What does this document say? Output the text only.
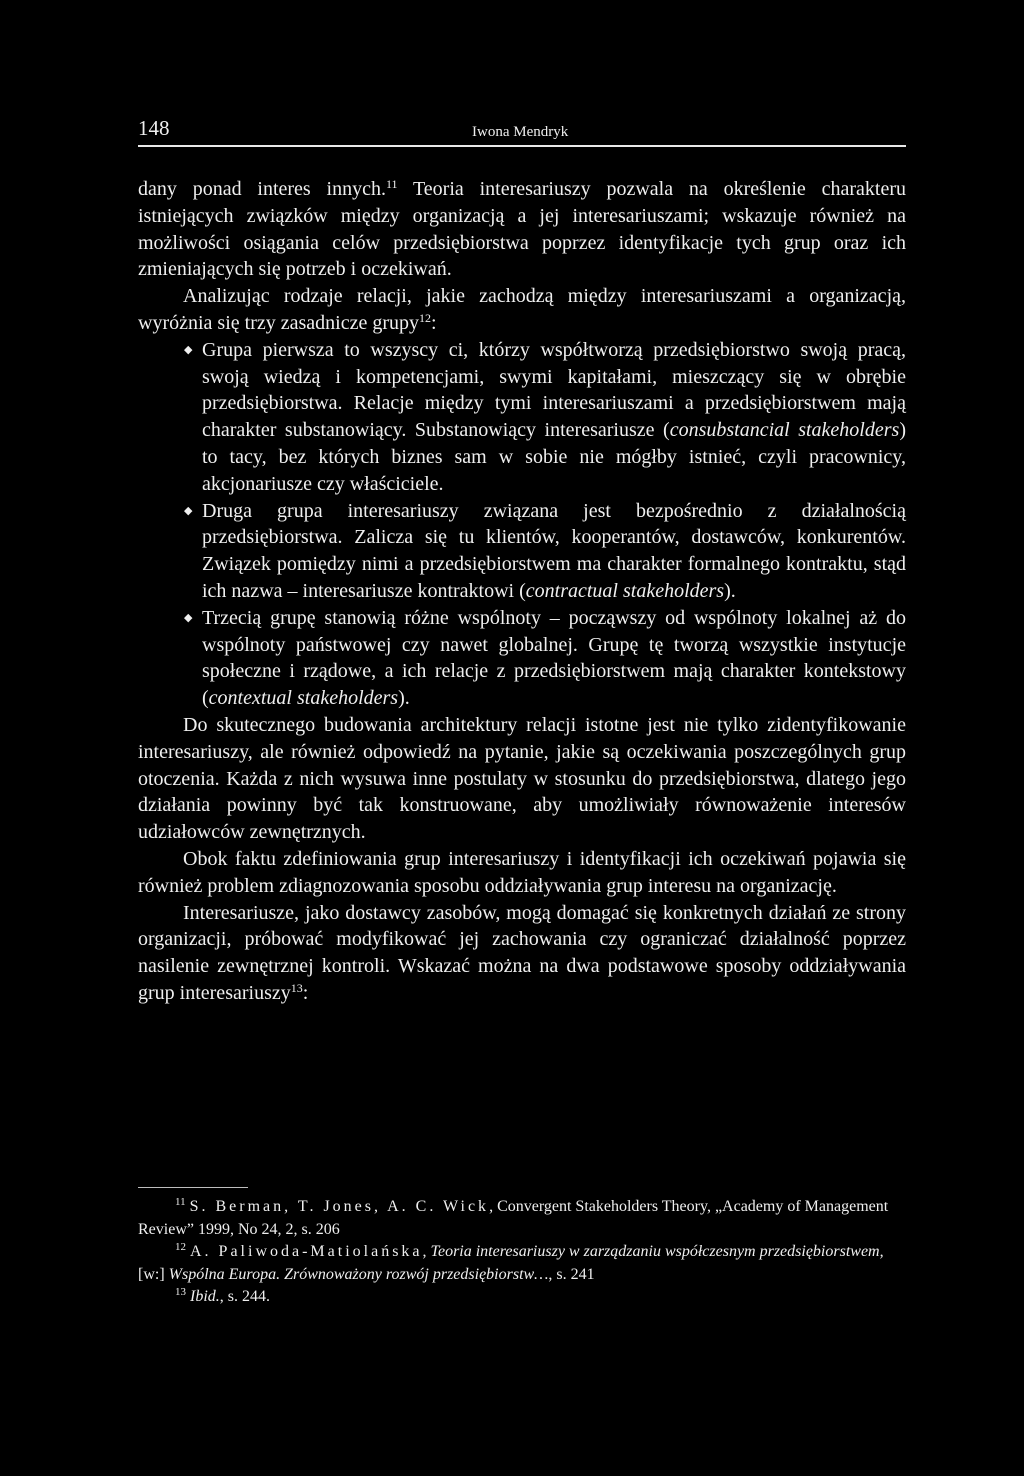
148	Iwona Mendryk

dany ponad interes innych.$^{11}$ Teoria interesariuszy pozwala na określenie charakteru istniejących związków między organizacją a jej interesariuszami; wskazuje również na możliwości osiągania celów przedsiębiorstwa poprzez identyfikacje tych grup oraz ich zmieniających się potrzeb i oczekiwań.

Analizując rodzaje relacji, jakie zachodzą między interesariuszami a organizacją, wyróżnia się trzy zasadnicze grupy$^{12}$:

◆ Grupa pierwsza to wszyscy ci, którzy współtworzą przedsiębiorstwo swoją pracą, swoją wiedzą i kompetencjami, swymi kapitałami, mieszczący się w obrębie przedsiębiorstwa. Relacje między tymi interesariuszami a przedsiębiorstwem mają charakter substanowiący. Substanowiący interesariusze (consubstancial stakeholders) to tacy, bez których biznes sam w sobie nie mógłby istnieć, czyli pracownicy, akcjonariusze czy właściciele.
◆ Druga grupa interesariuszy związana jest bezpośrednio z działalnością przedsiębiorstwa. Zalicza się tu klientów, kooperantów, dostawców, konkurentów. Związek pomiędzy nimi a przedsiębiorstwem ma charakter formalnego kontraktu, stąd ich nazwa – interesariusze kontraktowi (contractual stakeholders).
◆ Trzecią grupę stanowią różne wspólnoty – począwszy od wspólnoty lokalnej aż do wspólnoty państwowej czy nawet globalnej. Grupę tę tworzą wszystkie instytucje społeczne i rządowe, a ich relacje z przedsiębiorstwem mają charakter kontekstowy (contextual stakeholders).

Do skutecznego budowania architektury relacji istotne jest nie tylko zidentyfikowanie interesariuszy, ale również odpowiedź na pytanie, jakie są oczekiwania poszczególnych grup otoczenia. Każda z nich wysuwa inne postulaty w stosunku do przedsiębiorstwa, dlatego jego działania powinny być tak konstruowane, aby umożliwiały równoważenie interesów udziałowców zewnętrznych.

Obok faktu zdefiniowania grup interesariuszy i identyfikacji ich oczekiwań pojawia się również problem zdiagnozowania sposobu oddziaływania grup interesu na organizację.

Interesariusze, jako dostawcy zasobów, mogą domagać się konkretnych działań ze strony organizacji, próbować modyfikować jej zachowania czy ograniczać działalność poprzez nasilenie zewnętrznej kontroli. Wskazać można na dwa podstawowe sposoby oddziaływania grup interesariuszy$^{13}$:

$^{11}$ S. Berman, T. Jones, A. C. Wick, Convergent Stakeholders Theory, „Academy of Management Review” 1999, No 24, 2, s. 206

$^{12}$ A. Paliwoda-Matiolańska, Teoria interesariuszy w zarządzaniu współczesnym przedsiębiorstwem, [w:] Wspólna Europa. Zrównoważony rozwój przedsiębiorstw…, s. 241

$^{13}$ Ibid., s. 244.
